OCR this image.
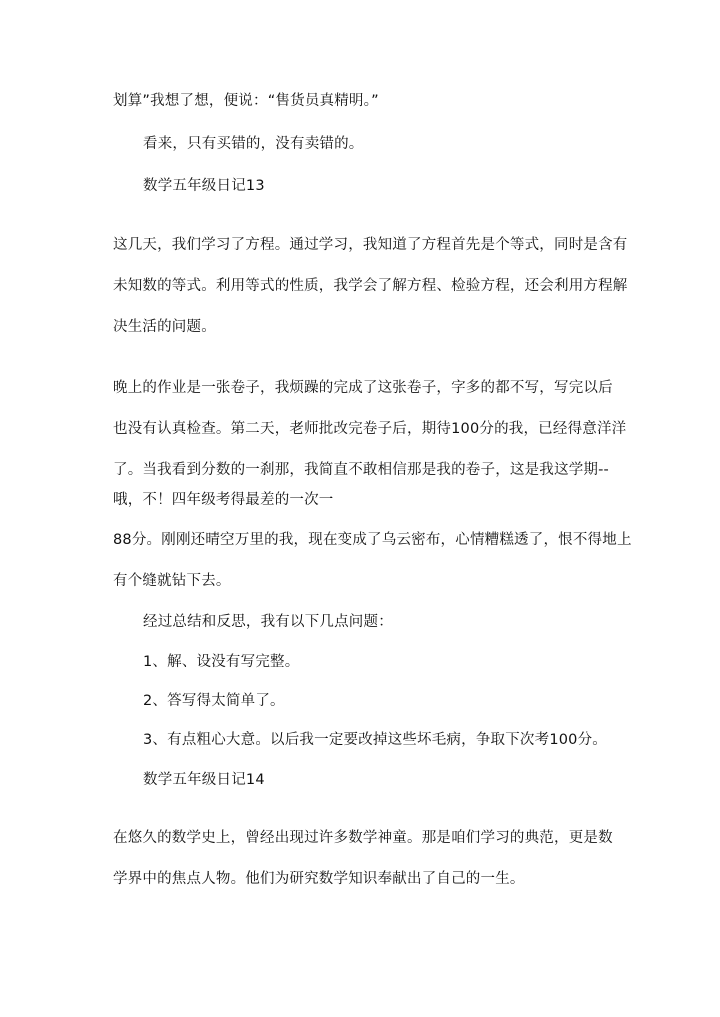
划算”我想了想，便说：“售货员真精明。”
看来，只有买错的，没有卖错的。
数学五年级日记13
这几天，我们学习了方程。通过学习，我知道了方程首先是个等式，同时是含有
未知数的等式。利用等式的性质，我学会了解方程、检验方程，还会利用方程解
决生活的问题。
晚上的作业是一张卷子，我烦躁的完成了这张卷子，字多的都不写，写完以后
也没有认真检查。第二天，老师批改完卷子后，期待100分的我，已经得意洋洋
了。当我看到分数的一刹那，我简直不敢相信那是我的卷子，这是我这学期--
哦，不！四年级考得最差的一次一
88分。刚刚还晴空万里的我，现在变成了乌云密布，心情糟糕透了，恨不得地上
有个缝就钻下去。
经过总结和反思，我有以下几点问题：
1、解、设没有写完整。
2、答写得太简单了。
3、有点粗心大意。以后我一定要改掉这些坏毛病，争取下次考100分。
数学五年级日记14
在悠久的数学史上，曾经出现过许多数学神童。那是咱们学习的典范，更是数
学界中的焦点人物。他们为研究数学知识奉献出了自己的一生。
